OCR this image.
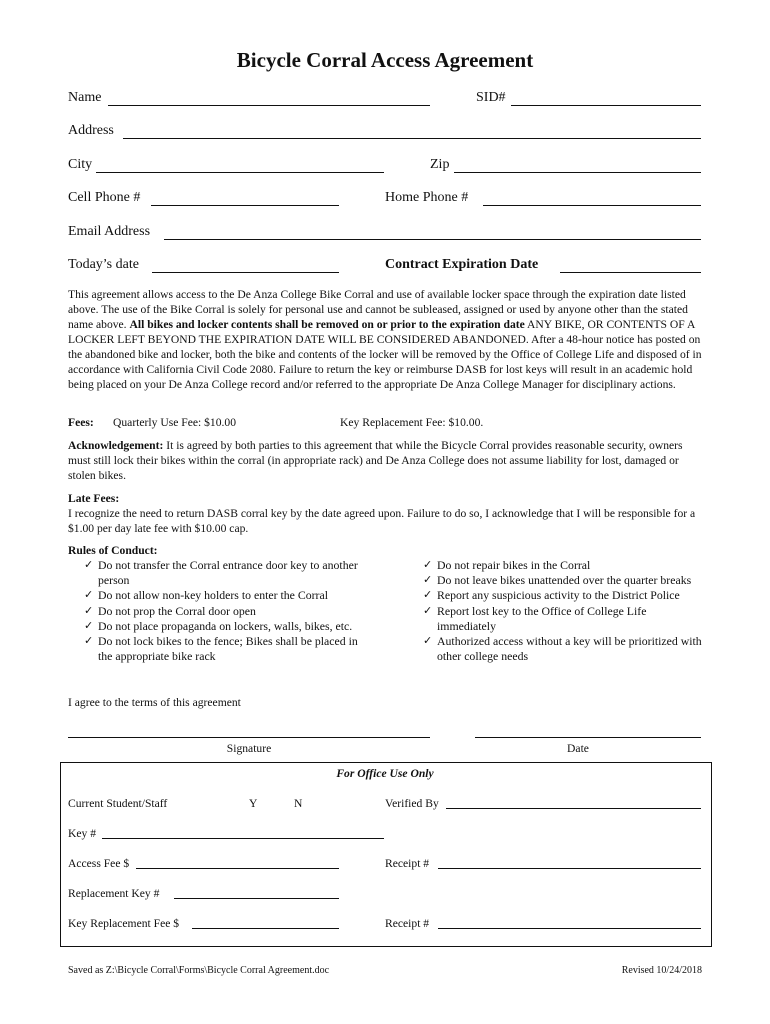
Bicycle Corral Access Agreement
Name	SID#
Address
City	Zip
Cell Phone #	Home Phone #
Email Address
Today’s date	Contract Expiration Date
This agreement allows access to the De Anza College Bike Corral and use of available locker space through the expiration date listed above. The use of the Bike Corral is solely for personal use and cannot be subleased, assigned or used by anyone other than the stated name above. All bikes and locker contents shall be removed on or prior to the expiration date ANY BIKE, OR CONTENTS OF A LOCKER LEFT BEYOND THE EXPIRATION DATE WILL BE CONSIDERED ABANDONED. After a 48-hour notice has posted on the abandoned bike and locker, both the bike and contents of the locker will be removed by the Office of College Life and disposed of in accordance with California Civil Code 2080. Failure to return the key or reimburse DASB for lost keys will result in an academic hold being placed on your De Anza College record and/or referred to the appropriate De Anza College Manager for disciplinary actions.
Fees: Quarterly Use Fee: $10.00	Key Replacement Fee: $10.00.
Acknowledgement: It is agreed by both parties to this agreement that while the Bicycle Corral provides reasonable security, owners must still lock their bikes within the corral (in appropriate rack) and De Anza College does not assume liability for lost, damaged or stolen bikes.
Late Fees:
I recognize the need to return DASB corral key by the date agreed upon. Failure to do so, I acknowledge that I will be responsible for a $1.00 per day late fee with $10.00 cap.
Rules of Conduct:
✓ Do not transfer the Corral entrance door key to another person
✓ Do not allow non-key holders to enter the Corral
✓ Do not prop the Corral door open
✓ Do not place propaganda on lockers, walls, bikes, etc.
✓ Do not lock bikes to the fence; Bikes shall be placed in the appropriate bike rack
✓ Do not repair bikes in the Corral
✓ Do not leave bikes unattended over the quarter breaks
✓ Report any suspicious activity to the District Police
✓ Report lost key to the Office of College Life immediately
✓ Authorized access without a key will be prioritized with other college needs
I agree to the terms of this agreement
Signature	Date
For Office Use Only
Current Student/Staff	Y	N	Verified By
Key #
Access Fee $	Receipt #
Replacement Key #
Key Replacement Fee $	Receipt #
Saved as Z:\Bicycle Corral\Forms\Bicycle Corral Agreement.doc	Revised 10/24/2018
